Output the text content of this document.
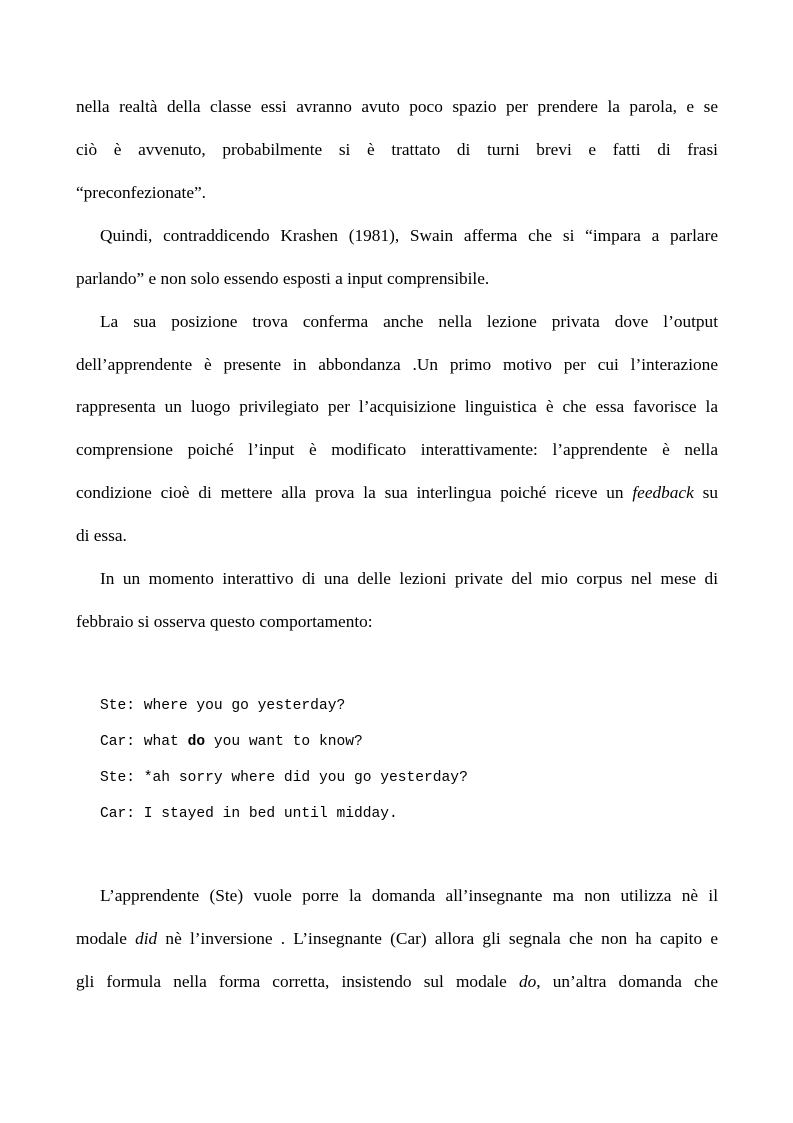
nella realtà della classe essi avranno avuto poco spazio per prendere la parola, e se
ciò è avvenuto, probabilmente si è trattato di turni brevi e fatti di frasi
“preconfezionate”.
Quindi, contraddicendo Krashen (1981), Swain afferma che si “impara a parlare
parlando” e non solo essendo esposti a input comprensibile.
La sua posizione trova conferma anche nella lezione privata dove l’output
dell’apprendente è presente in abbondanza .Un primo motivo per cui l’interazione
rappresenta un luogo privilegiato per l’acquisizione linguistica è che essa favorisce la
comprensione poiché l’input è modificato interattivamente: l’apprendente è nella
condizione cioè di mettere alla prova la sua interlingua poiché riceve un feedback su
di essa.
In un momento interattivo di una delle lezioni private del mio corpus nel mese di
febbraio si osserva questo comportamento:
Ste: where you go yesterday?
Car: what do you want to know?
Ste: *ah sorry where did you go yesterday?
Car: I stayed in bed until midday.
L’apprendente (Ste) vuole porre la domanda all’insegnante ma non utilizza nè il
modale did nè l’inversione . L’insegnante (Car) allora gli segnala che non ha capito e
gli formula nella forma corretta, insistendo sul modale do, un’altra domanda che
